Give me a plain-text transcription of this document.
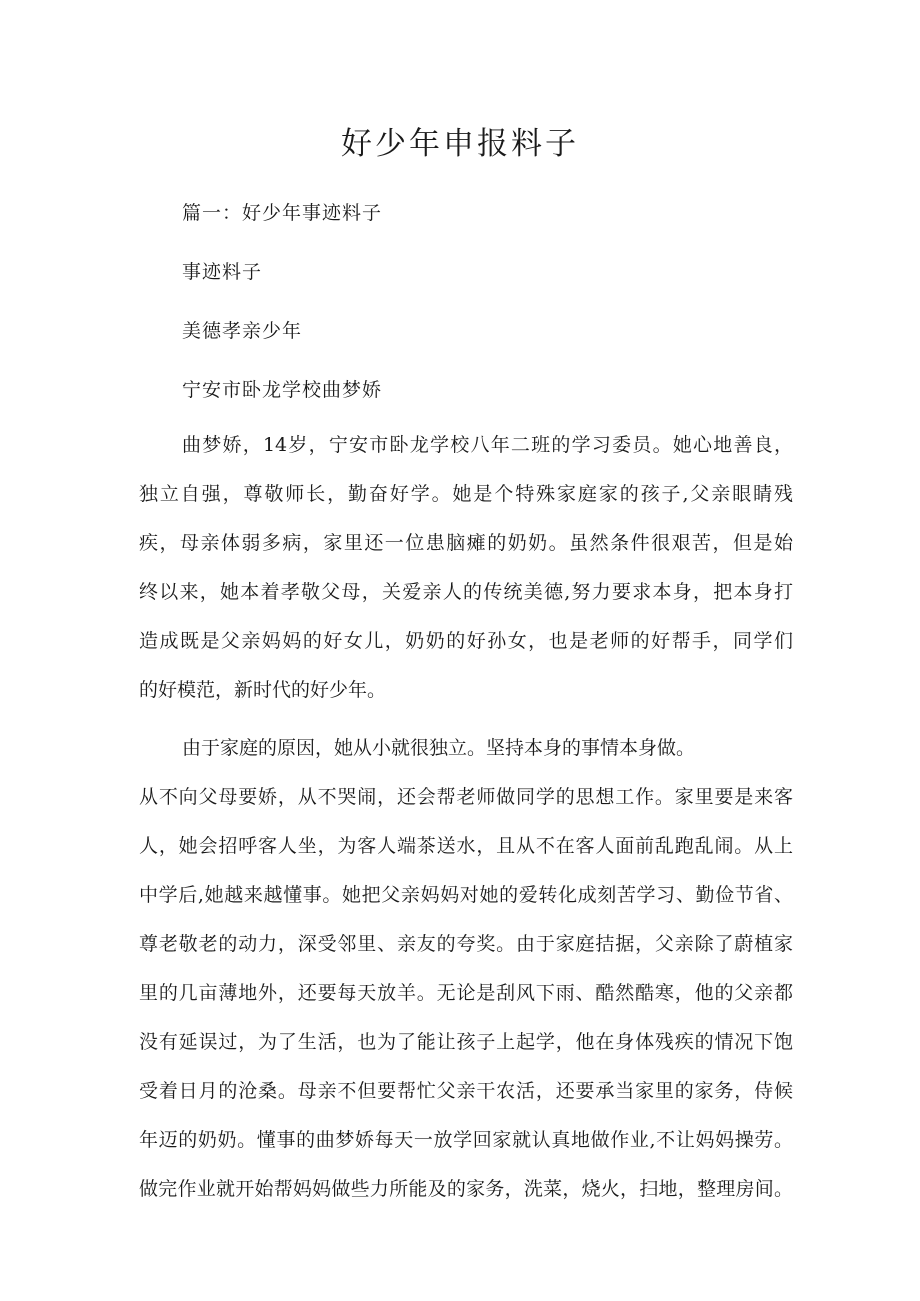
好少年申报料子

篇一：好少年事迹料子

事迹料子

美德孝亲少年

宁安市卧龙学校曲梦娇

曲梦娇，14岁，宁安市卧龙学校八年二班的学习委员。她心地善良，
独立自强，尊敬师长，勤奋好学。她是个特殊家庭家的孩子,父亲眼睛残
疾，母亲体弱多病，家里还一位患脑瘫的奶奶。虽然条件很艰苦，但是始
终以来，她本着孝敬父母，关爱亲人的传统美德,努力要求本身，把本身打
造成既是父亲妈妈的好女儿，奶奶的好孙女，也是老师的好帮手，同学们
的好模范，新时代的好少年。
由于家庭的原因，她从小就很独立。坚持本身的事情本身做。
从不向父母要娇，从不哭闹，还会帮老师做同学的思想工作。家里要是来客
人，她会招呼客人坐，为客人端茶送水，且从不在客人面前乱跑乱闹。从上
中学后,她越来越懂事。她把父亲妈妈对她的爱转化成刻苦学习、勤俭节省、
尊老敬老的动力，深受邻里、亲友的夸奖。由于家庭拮据，父亲除了蔚植家
里的几亩薄地外，还要每天放羊。无论是刮风下雨、酷然酷寒，他的父亲都
没有延误过，为了生活，也为了能让孩子上起学，他在身体残疾的情况下饱
受着日月的沧桑。母亲不但要帮忙父亲干农活，还要承当家里的家务，侍候
年迈的奶奶。懂事的曲梦娇每天一放学回家就认真地做作业,不让妈妈操劳。
做完作业就开始帮妈妈做些力所能及的家务，洗菜，烧火，扫地，整理房间。
